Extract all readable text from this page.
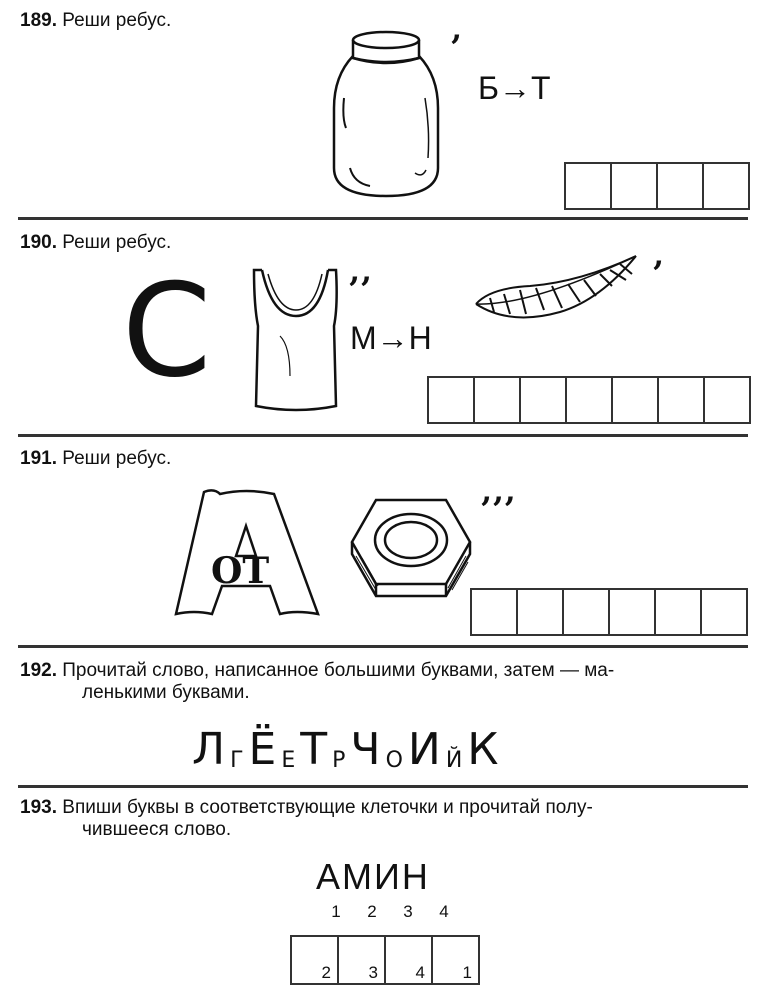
189. Реши ребус.
’
Б→Т
190. Реши ребус.
С	’’
М→Н
’
191. Реши ребус.
ОТ
’’’
192. Прочитай слово, написанное большими буквами, затем — ма-
ленькими буквами.
Л Г Ё Е Т Р Ч О И Й К
193. Впиши буквы в соответствующие клеточки и прочитай полу-
чившееся слово.
АМИН
1 2 3 4
2 3 4 1
